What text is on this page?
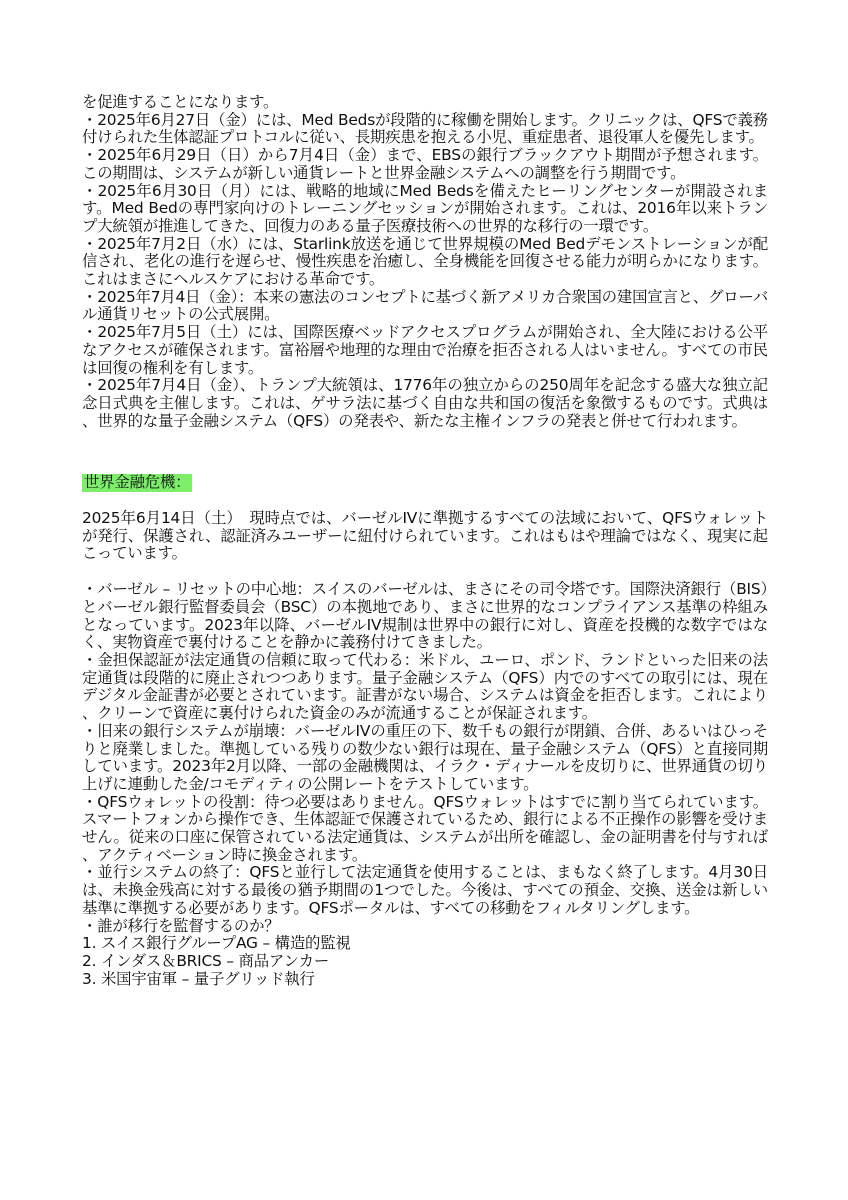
を促進することになります。

・2025年6月27日（金）には、Med Bedsが段階的に稼働を開始します。クリニックは、QFSで義務付けられた生体認証プロトコルに従い、長期疾患を抱える小児、重症患者、退役軍人を優先します。

・2025年6月29日（日）から7月4日（金）まで、EBSの銀行ブラックアウト期間が予想されます。この期間は、システムが新しい通貨レートと世界金融システムへの調整を行う期間です。

・2025年6月30日（月）には、戦略的地域にMed Bedsを備えたヒーリングセンターが開設されます。Med Bedの専門家向けのトレーニングセッションが開始されます。これは、2016年以来トランプ大統領が推進してきた、回復力のある量子医療技術への世界的な移行の一環です。

・2025年7月2日（水）には、Starlink放送を通じて世界規模のMed Bedデモンストレーションが配信され、老化の進行を遅らせ、慢性疾患を治癒し、全身機能を回復させる能力が明らかになります。これはまさにヘルスケアにおける革命です。

・2025年7月4日（金）：本来の憲法のコンセプトに基づく新アメリカ合衆国の建国宣言と、グローバル通貨リセットの公式展開。

・2025年7月5日（土）には、国際医療ベッドアクセスプログラムが開始され、全大陸における公平なアクセスが確保されます。富裕層や地理的な理由で治療を拒否される人はいません。すべての市民は回復の権利を有します。

・2025年7月4日（金）、トランプ大統領は、1776年の独立からの250周年を記念する盛大な独立記念日式典を主催します。これは、ゲサラ法に基づく自由な共和国の復活を象徴するものです。式典は、世界的な量子金融システム（QFS）の発表や、新たな主権インフラの発表と併せて行われます。

世界金融危機：

2025年6月14日（土）　現時点では、バーゼルIVに準拠するすべての法域において、QFSウォレットが発行、保護され、認証済みユーザーに紐付けられています。これはもはや理論ではなく、現実に起こっています。

・バーゼル – リセットの中心地：スイスのバーゼルは、まさにその司令塔です。国際決済銀行（BIS）とバーゼル銀行監督委員会（BSC）の本拠地であり、まさに世界的なコンプライアンス基準の枠組みとなっています。2023年以降、バーゼルIV規制は世界中の銀行に対し、資産を投機的な数字ではなく、実物資産で裏付けることを静かに義務付けてきました。

・金担保認証が法定通貨の信頼に取って代わる：米ドル、ユーロ、ポンド、ランドといった旧来の法定通貨は段階的に廃止されつつあります。量子金融システム（QFS）内でのすべての取引には、現在デジタル金証書が必要とされています。証書がない場合、システムは資金を拒否します。これにより、クリーンで資産に裏付けられた資金のみが流通することが保証されます。

・旧来の銀行システムが崩壊：バーゼルIVの重圧の下、数千もの銀行が閉鎖、合併、あるいはひっそりと廃業しました。準拠している残りの数少ない銀行は現在、量子金融システム（QFS）と直接同期しています。2023年2月以降、一部の金融機関は、イラク・ディナールを皮切りに、世界通貨の切り上げに連動した金/コモディティの公開レートをテストしています。

・QFSウォレットの役割：待つ必要はありません。QFSウォレットはすでに割り当てられています。スマートフォンから操作でき、生体認証で保護されているため、銀行による不正操作の影響を受けません。従来の口座に保管されている法定通貨は、システムが出所を確認し、金の証明書を付与すれば、アクティベーション時に換金されます。

・並行システムの終了：QFSと並行して法定通貨を使用することは、まもなく終了します。4月30日は、未換金残高に対する最後の猶予期間の1つでした。今後は、すべての預金、交換、送金は新しい基準に準拠する必要があります。QFSポータルは、すべての移動をフィルタリングします。

・誰が移行を監督するのか？

1. スイス銀行グループAG – 構造的監視

2. インダス＆BRICS – 商品アンカー

3. 米国宇宙軍 – 量子グリッド執行
